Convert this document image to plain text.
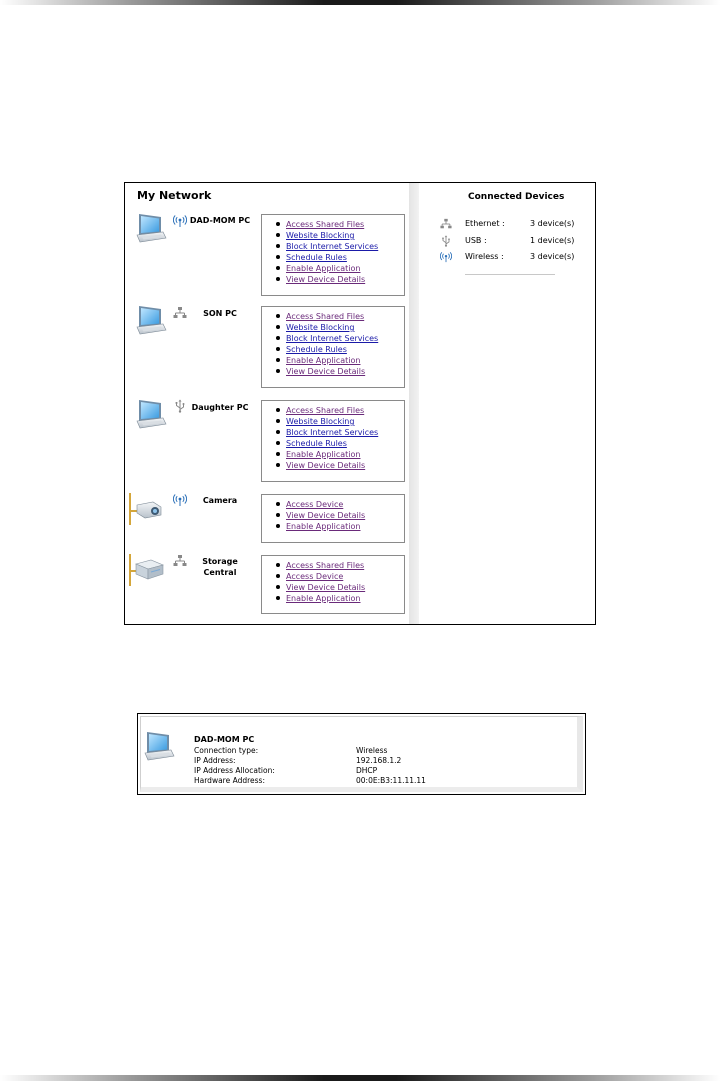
My Network
DAD-MOM PC	Access Shared Files
Website Blocking
Block Internet Services
Schedule Rules
Enable Application
View Device Details
SON PC	Access Shared Files
Website Blocking
Block Internet Services
Schedule Rules
Enable Application
View Device Details
Daughter PC	Access Shared Files
Website Blocking
Block Internet Services
Schedule Rules
Enable Application
View Device Details
Camera	Access Device
View Device Details
Enable Application
Storage
Central
Access Shared Files
Access Device
View Device Details
Enable Application
Connected Devices
Ethernet :	3 device(s)
USB :	1 device(s)
Wireless :	3 device(s)
DAD-MOM PC
Connection type:	Wireless
IP Address:	192.168.1.2
IP Address Allocation:	DHCP
Hardware Address:	00:0E:B3:11.11.11
